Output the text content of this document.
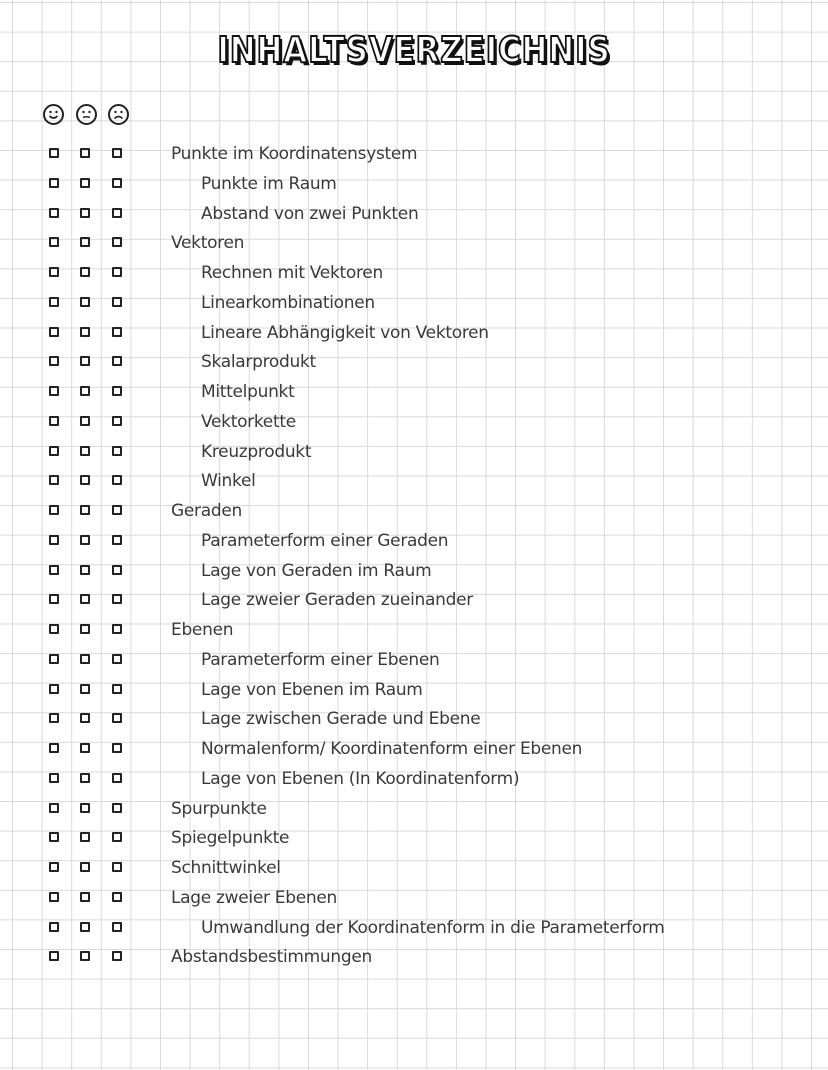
INHALTSVERZEICHNIS
Punkte im Koordinatensystem
Punkte im Raum
Abstand von zwei Punkten
Vektoren
Rechnen mit Vektoren
Linearkombinationen
Lineare Abhängigkeit von Vektoren
Skalarprodukt
Mittelpunkt
Vektorkette
Kreuzprodukt
Winkel
Geraden
Parameterform einer Geraden
Lage von Geraden im Raum
Lage zweier Geraden zueinander
Ebenen
Parameterform einer Ebenen
Lage von Ebenen im Raum
Lage zwischen Gerade und Ebene
Normalenform/ Koordinatenform einer Ebenen
Lage von Ebenen (In Koordinatenform)
Spurpunkte
Spiegelpunkte
Schnittwinkel
Lage zweier Ebenen
Umwandlung der Koordinatenform in die Parameterform
Abstandsbestimmungen
